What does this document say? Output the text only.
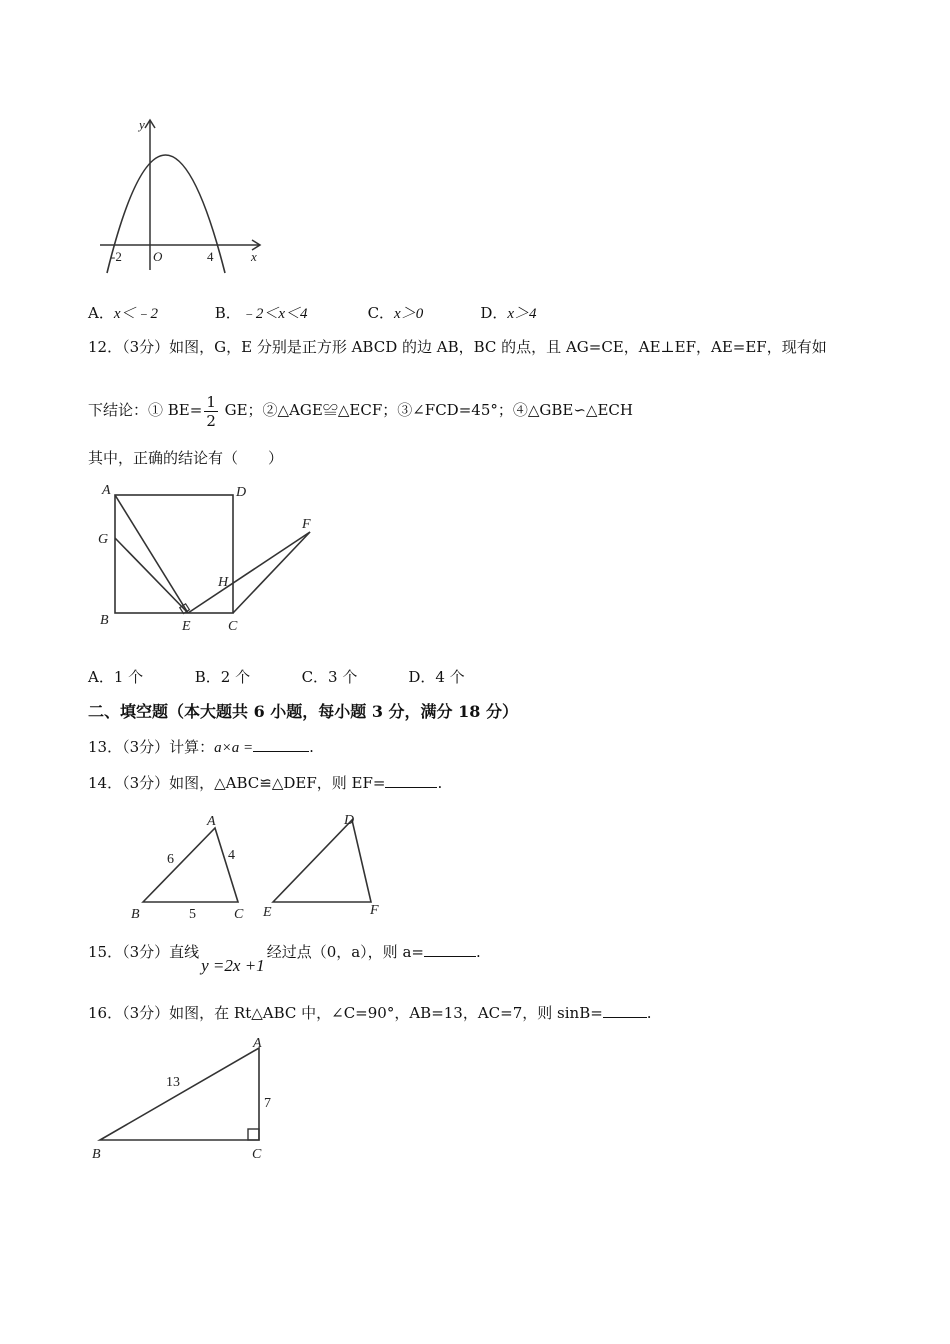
y
x
O
-2	4
A．x＜﹣2	B．﹣2＜x＜4	C．x＞0	D．x＞4
12．（3分）如图，G，E 分别是正方形 ABCD 的边 AB，BC 的点，且 AG=CE，AE⊥EF，AE=EF，现有如
下结论：① $BE= \frac{1}{2}$ GE；②△AGE≌△ECF；③∠FCD=45°；④△GBE∽△ECH
其中，正确的结论有（　　）
A	D
G
B	E	C
H
F
A．1 个	B．2 个	C．3 个	D．4 个
二、填空题（本大题共 6 小题，每小题 3 分，满分 18 分）
13．（3分）计算：a×a =	.
14．（3分）如图，△ABC≌△DEF，则 EF=	.
A
B	C
6	4
5
D
E	F
15．（3分）直线y =2x +1经过点（0，a），则 a=	.
16．（3分）如图，在 Rt△ABC 中，∠C=90°，AB=13，AC=7，则 sinB=	.
A
B	C
13
7
